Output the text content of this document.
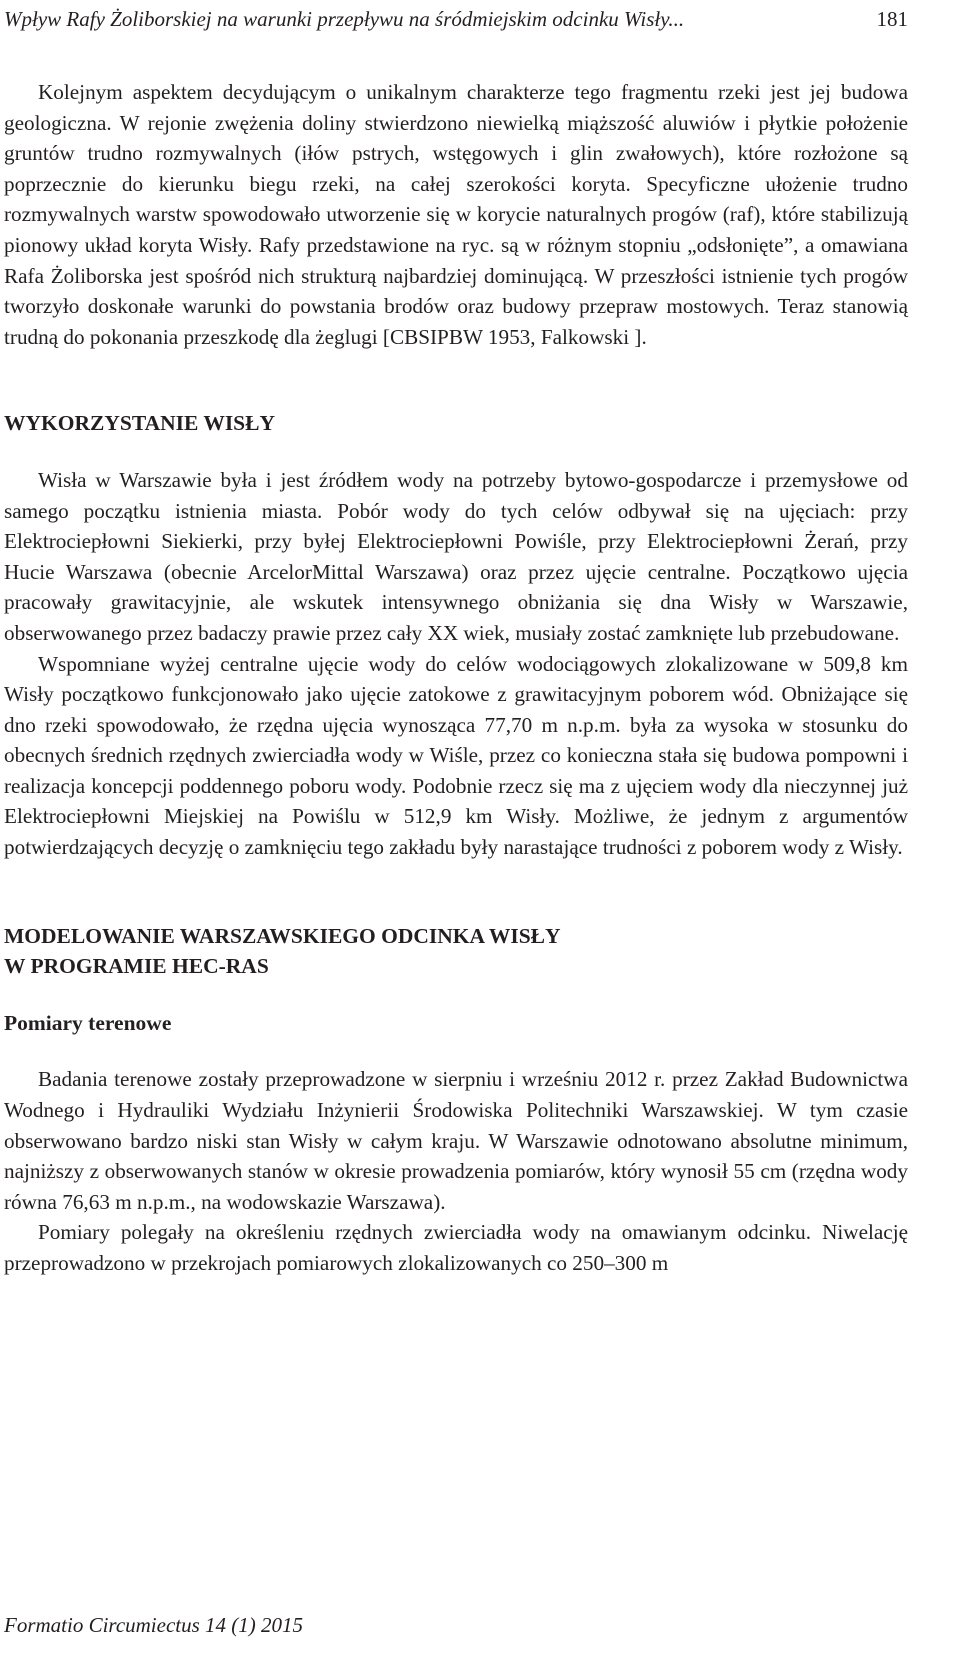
Wpływ Rafy Żoliborskiej na warunki przepływu na śródmiejskim odcinku Wisły...	181

Kolejnym aspektem decydującym o unikalnym charakterze tego fragmentu rzeki jest jej budowa geologiczna. W rejonie zwężenia doliny stwierdzono niewielką miąższość aluwiów i płytkie położenie gruntów trudno rozmywalnych (iłów pstrych, wstęgowych i glin zwałowych), które rozłożone są poprzecznie do kierunku biegu rzeki, na całej szerokości koryta. Specyficzne ułożenie trudno rozmywalnych warstw spowodowało utworzenie się w korycie naturalnych progów (raf), które stabilizują pionowy układ koryta Wisły. Rafy przedstawione na ryc. są w różnym stopniu „odsłonięte”, a omawiana Rafa Żoliborska jest spośród nich strukturą najbardziej dominującą. W przeszłości istnienie tych progów tworzyło doskonałe warunki do powstania brodów oraz budowy przepraw mostowych. Teraz stanowią trudną do pokonania przeszkodę dla żeglugi [CBSIPBW 1953, Falkowski ].

WYKORZYSTANIE WISŁY

Wisła w Warszawie była i jest źródłem wody na potrzeby bytowo-gospodarcze i przemysłowe od samego początku istnienia miasta. Pobór wody do tych celów odbywał się na ujęciach: przy Elektrociepłowni Siekierki, przy byłej Elektrociepłowni Powiśle, przy Elektrociepłowni Żerań, przy Hucie Warszawa (obecnie ArcelorMittal Warszawa) oraz przez ujęcie centralne. Początkowo ujęcia pracowały grawitacyjnie, ale wskutek intensywnego obniżania się dna Wisły w Warszawie, obserwowanego przez badaczy prawie przez cały XX wiek, musiały zostać zamknięte lub przebudowane.

Wspomniane wyżej centralne ujęcie wody do celów wodociągowych zlokalizowane w 509,8 km Wisły początkowo funkcjonowało jako ujęcie zatokowe z grawitacyjnym poborem wód. Obniżające się dno rzeki spowodowało, że rzędna ujęcia wynosząca 77,70 m n.p.m. była za wysoka w stosunku do obecnych średnich rzędnych zwierciadła wody w Wiśle, przez co konieczna stała się budowa pompowni i realizacja koncepcji poddennego poboru wody. Podobnie rzecz się ma z ujęciem wody dla nieczynnej już Elektrociepłowni Miejskiej na Powiślu w 512,9 km Wisły. Możliwe, że jednym z argumentów potwierdzających decyzję o zamknięciu tego zakładu były narastające trudności z poborem wody z Wisły.

MODELOWANIE WARSZAWSKIEGO ODCINKA WISŁY
W PROGRAMIE HEC-RAS
Pomiary terenowe

Badania terenowe zostały przeprowadzone w sierpniu i wrześniu 2012 r. przez Zakład Budownictwa Wodnego i Hydrauliki Wydziału Inżynierii Środowiska Politechniki Warszawskiej. W tym czasie obserwowano bardzo niski stan Wisły w całym kraju. W Warszawie odnotowano absolutne minimum, najniższy z obserwowanych stanów w okresie prowadzenia pomiarów, który wynosił 55 cm (rzędna wody równa 76,63 m n.p.m., na wodowskazie Warszawa).

Pomiary polegały na określeniu rzędnych zwierciadła wody na omawianym odcinku. Niwelację przeprowadzono w przekrojach pomiarowych zlokalizowanych co 250–300 m

Formatio Circumiectus 14 (1) 2015
